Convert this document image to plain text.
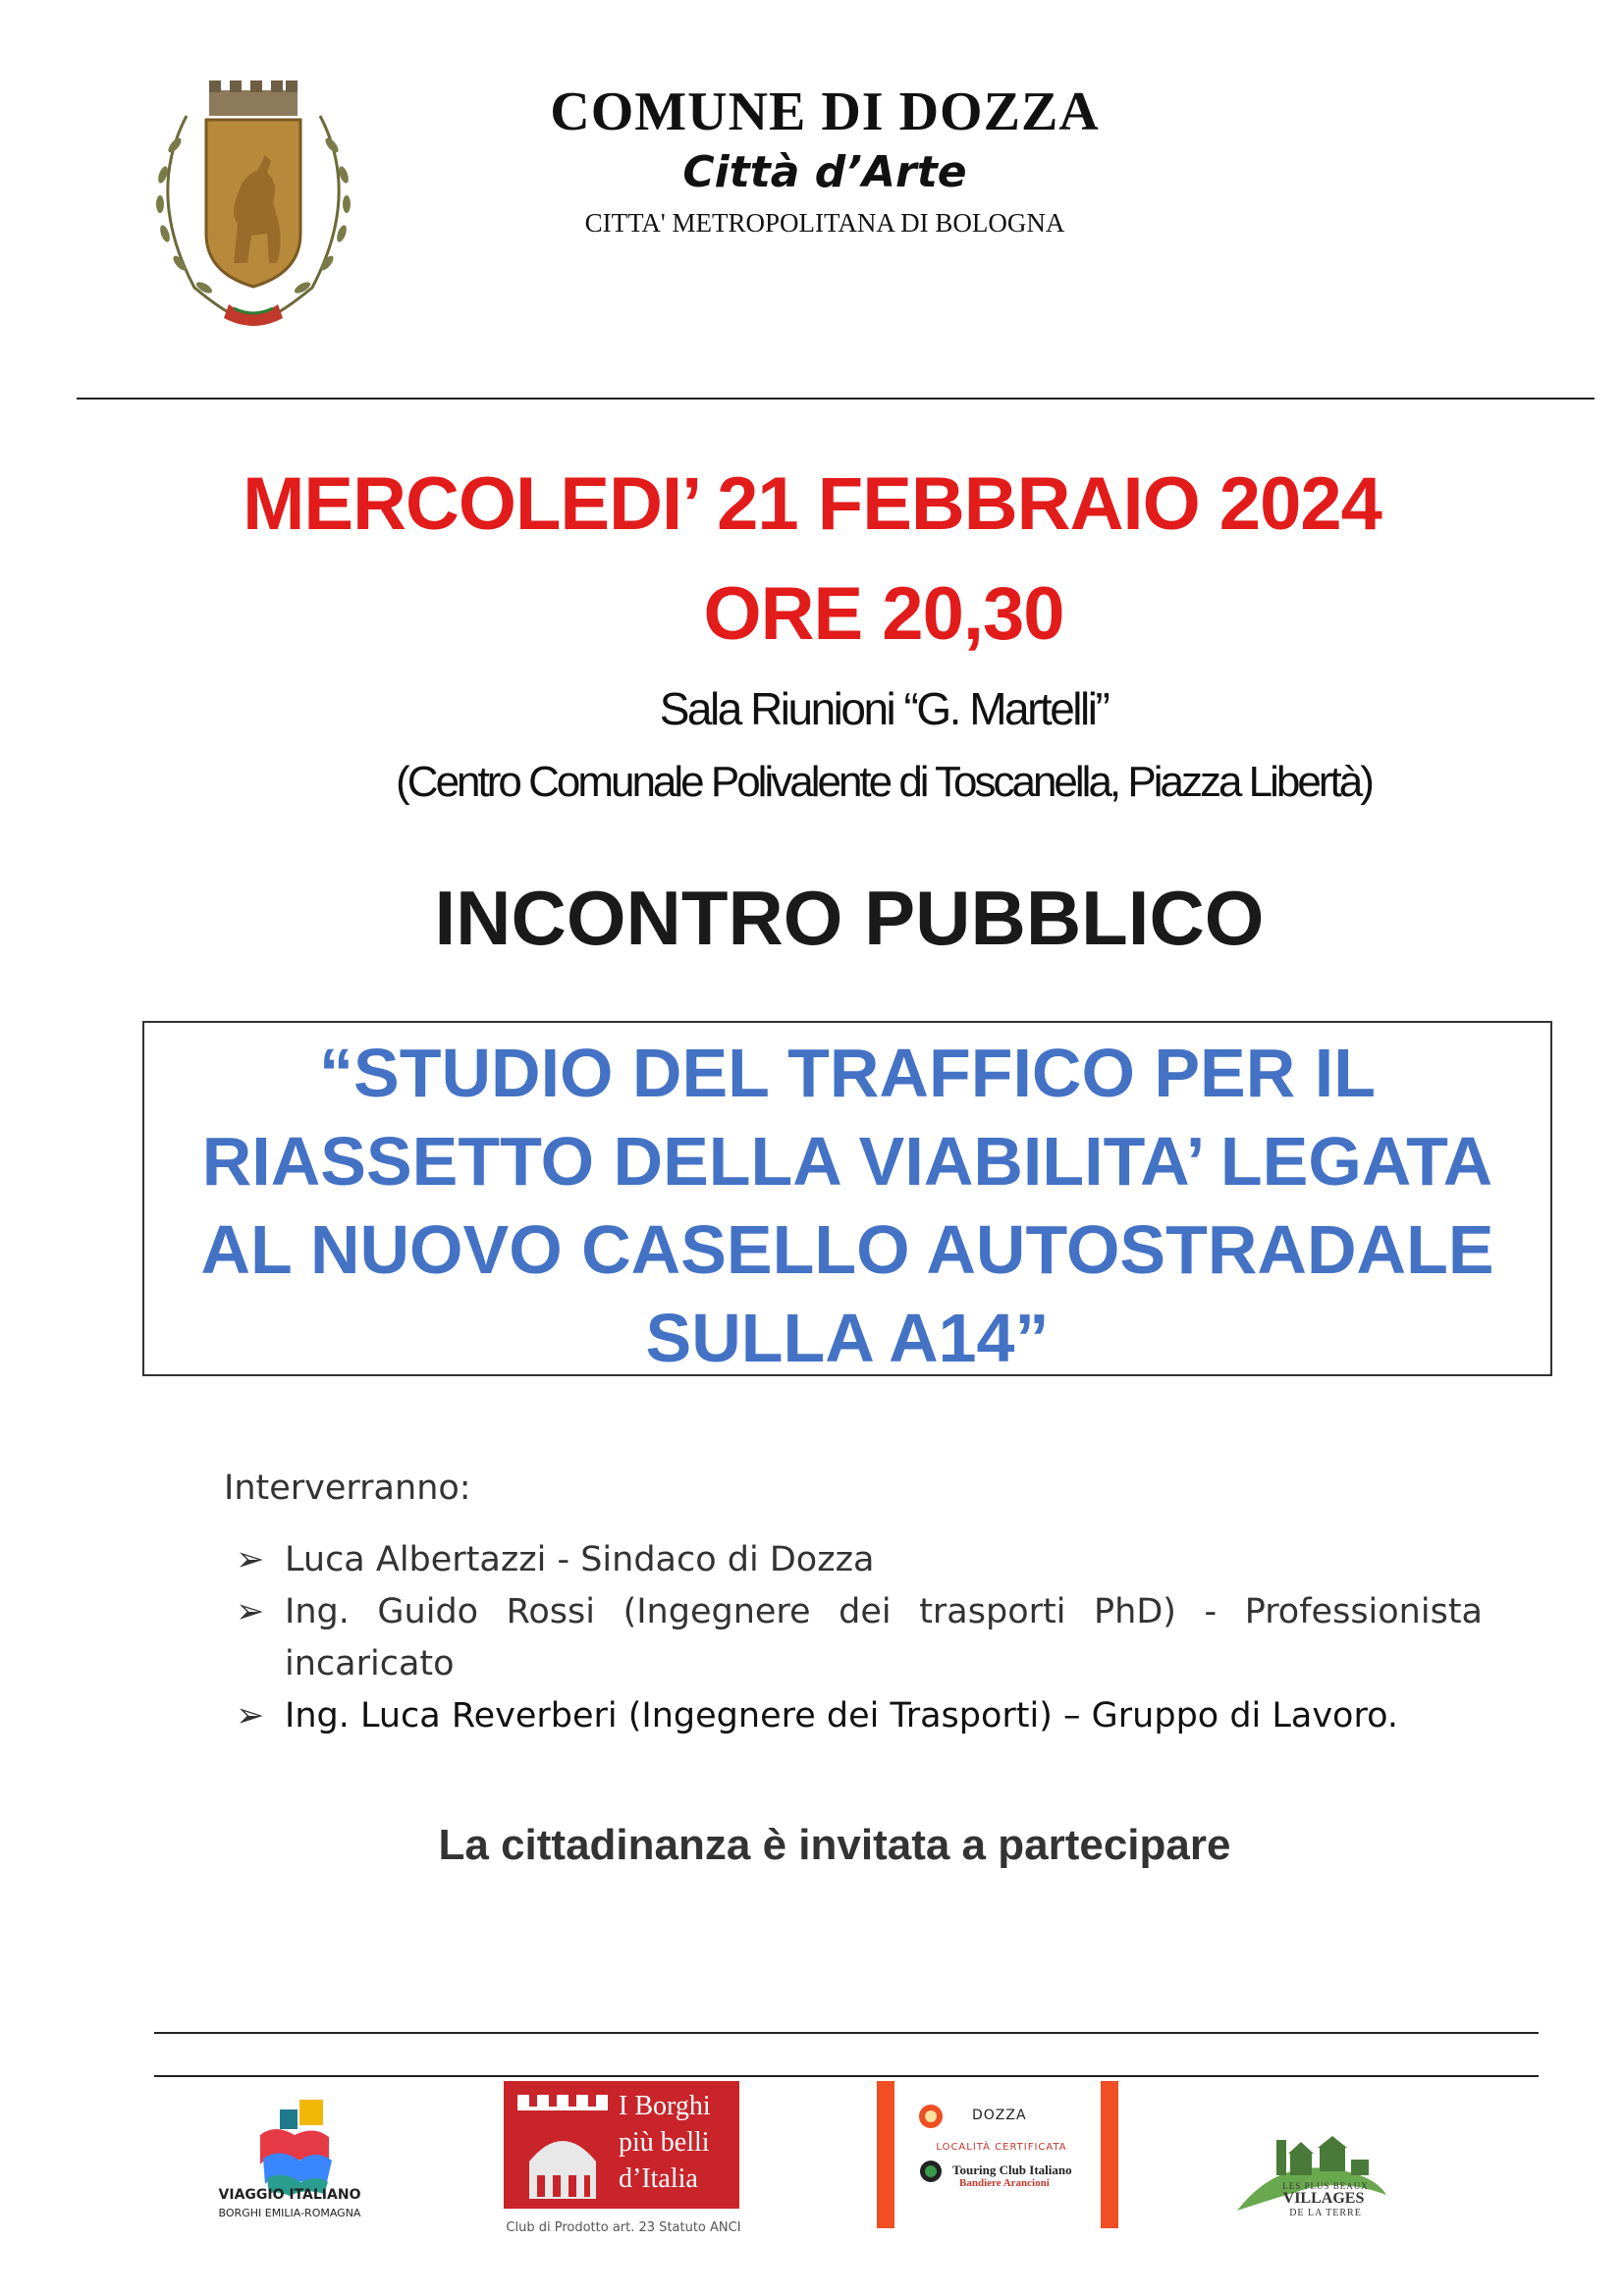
COMUNE DI DOZZA
Città d’Arte
CITTA' METROPOLITANA DI BOLOGNA
MERCOLEDI’ 21 FEBBRAIO 2024
ORE 20,30
Sala Riunioni “G. Martelli”
(Centro Comunale Polivalente di Toscanella, Piazza Libertà)
INCONTRO PUBBLICO
“STUDIO DEL TRAFFICO PER IL
RIASSETTO DELLA VIABILITA’ LEGATA
AL NUOVO CASELLO AUTOSTRADALE
SULLA A14”
Interverranno:
➢ Luca Albertazzi - Sindaco di Dozza
➢ Ing. Guido Rossi (Ingegnere dei trasporti PhD) - Professionista
incaricato
➢ Ing. Luca Reverberi (Ingegnere dei Trasporti) – Gruppo di Lavoro.
La cittadinanza è invitata a partecipare
VIAGGIO ITALIANO
BORGHI EMILIA-ROMAGNA
I Borghi
più belli
d’Italia
Club di Prodotto art. 23 Statuto ANCI
DOZZA
LOCALITÀ CERTIFICATA
Touring Club Italiano
Bandiere Arancioni	LES PLUS BEAUX
VILLAGES
DE LA TERRE
